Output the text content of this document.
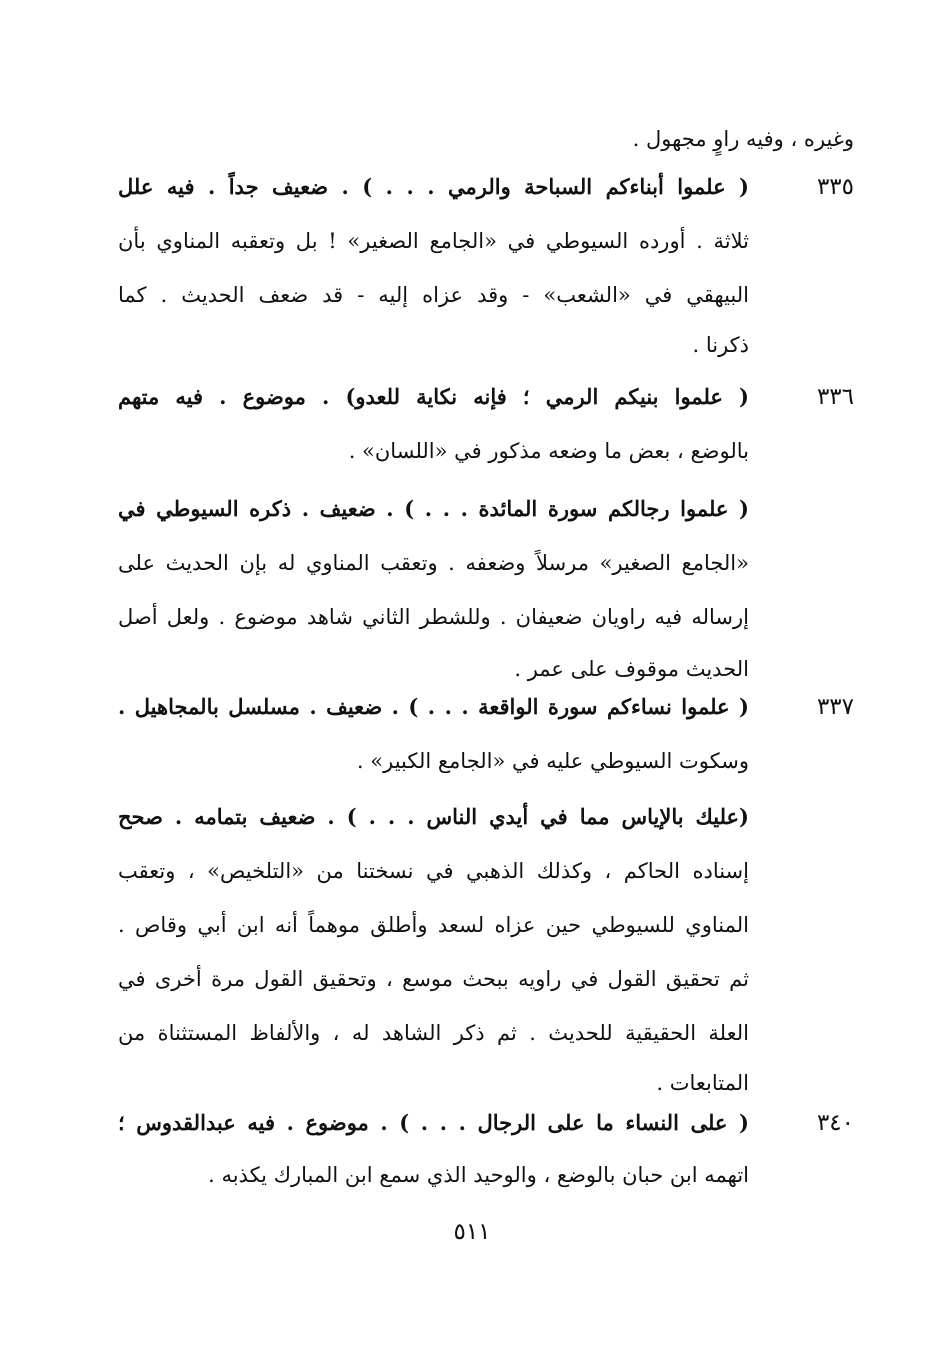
وغيره ، وفيه راوٍ مجهول .
٣٣٥
( علموا أبناءكم السباحة والرمي . . . ) . ضعيف جداً . فيه علل
ثلاثة . أورده السيوطي في «الجامع الصغير» ! بل وتعقبه المناوي بأن
البيهقي في «الشعب» - وقد عزاه إليه - قد ضعف الحديث . كما
ذكرنا .
٣٣٦
( علموا بنيكم الرمي ؛ فإنه نكاية للعدو) . موضوع . فيه متهم
بالوضع ، بعض ما وضعه مذكور في «اللسان» .
( علموا رجالكم سورة المائدة . . . ) . ضعيف . ذكره السيوطي في
«الجامع الصغير» مرسلاً وضعفه . وتعقب المناوي له بإن الحديث على
إرساله فيه راويان ضعيفان . وللشطر الثاني شاهد موضوع . ولعل أصل
الحديث موقوف على عمر .
٣٣٧
( علموا نساءكم سورة الواقعة . . . ) . ضعيف . مسلسل بالمجاهيل .
وسكوت السيوطي عليه في «الجامع الكبير» .
(عليك بالإياس مما في أيدي الناس . . . ) . ضعيف بتمامه . صحح
إسناده الحاكم ، وكذلك الذهبي في نسختنا من «التلخيص» ، وتعقب
المناوي للسيوطي حين عزاه لسعد وأطلق موهماً أنه ابن أبي وقاص .
ثم تحقيق القول في راويه ببحث موسع ، وتحقيق القول مرة أخرى في
العلة الحقيقية للحديث . ثم ذكر الشاهد له ، والألفاظ المستثناة من
المتابعات .
٣٤٠
( على النساء ما على الرجال . . . ) . موضوع . فيه عبدالقدوس ؛
اتهمه ابن حبان بالوضع ، والوحيد الذي سمع ابن المبارك يكذبه .
٥١١
